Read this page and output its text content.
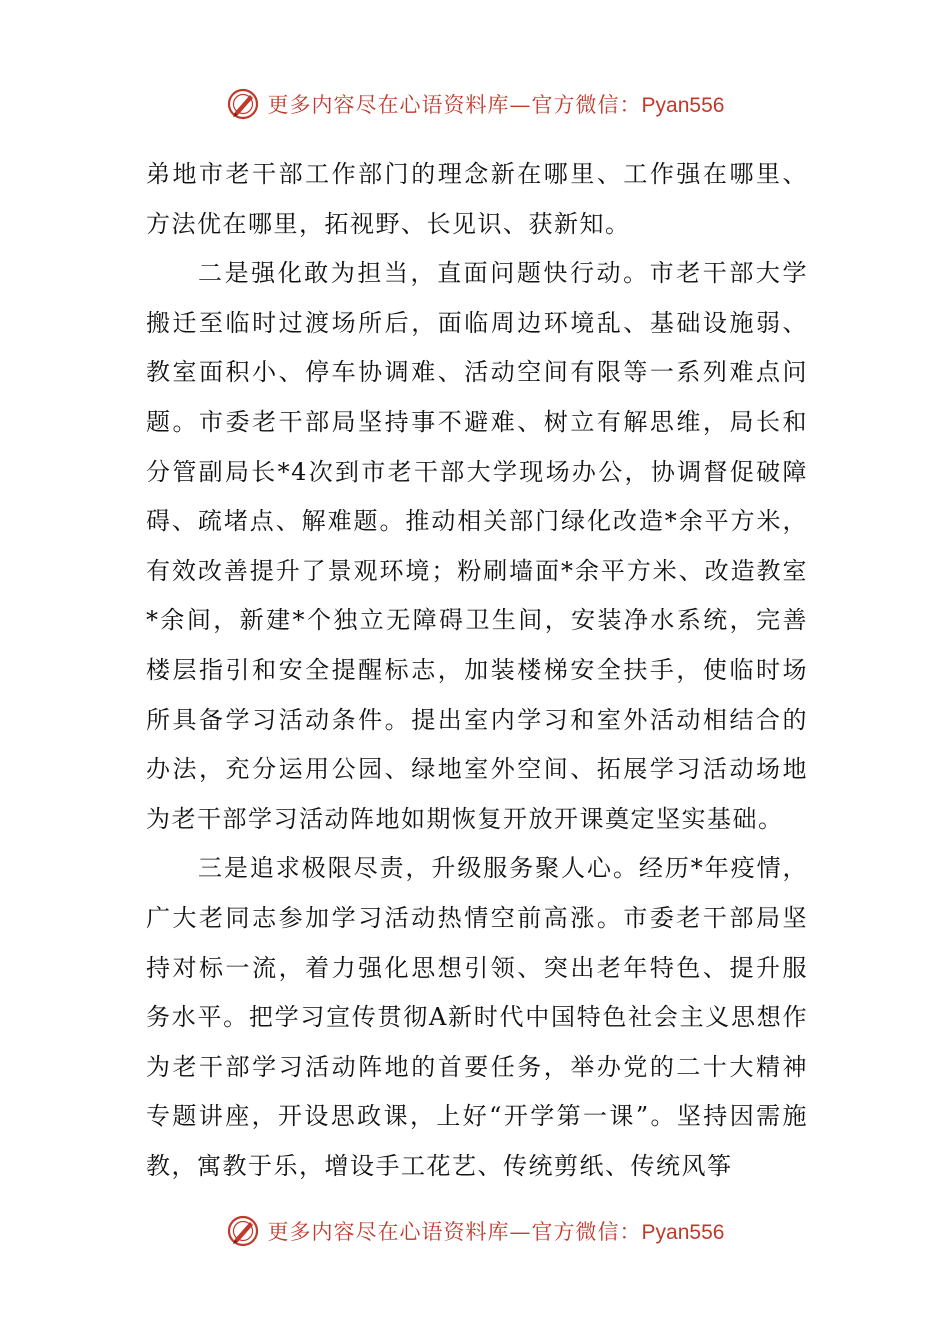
更多内容尽在心语资料库—官方微信：Pyan556

弟地市老干部工作部门的理念新在哪里、工作强在哪里、方法优在哪里，拓视野、长见识、获新知。

二是强化敢为担当，直面问题快行动。市老干部大学搬迁至临时过渡场所后，面临周边环境乱、基础设施弱、教室面积小、停车协调难、活动空间有限等一系列难点问题。市委老干部局坚持事不避难、树立有解思维，局长和分管副局长*4次到市老干部大学现场办公，协调督促破障碍、疏堵点、解难题。推动相关部门绿化改造*余平方米，有效改善提升了景观环境；粉刷墙面*余平方米、改造教室*余间，新建*个独立无障碍卫生间，安装净水系统，完善楼层指引和安全提醒标志，加装楼梯安全扶手，使临时场所具备学习活动条件。提出室内学习和室外活动相结合的办法，充分运用公园、绿地室外空间、拓展学习活动场地为老干部学习活动阵地如期恢复开放开课奠定坚实基础。

三是追求极限尽责，升级服务聚人心。经历*年疫情，广大老同志参加学习活动热情空前高涨。市委老干部局坚持对标一流，着力强化思想引领、突出老年特色、提升服务水平。把学习宣传贯彻A新时代中国特色社会主义思想作为老干部学习活动阵地的首要任务，举办党的二十大精神专题讲座，开设思政课，上好“开学第一课”。坚持因需施教，寓教于乐，增设手工花艺、传统剪纸、传统风筝

更多内容尽在心语资料库—官方微信：Pyan556
